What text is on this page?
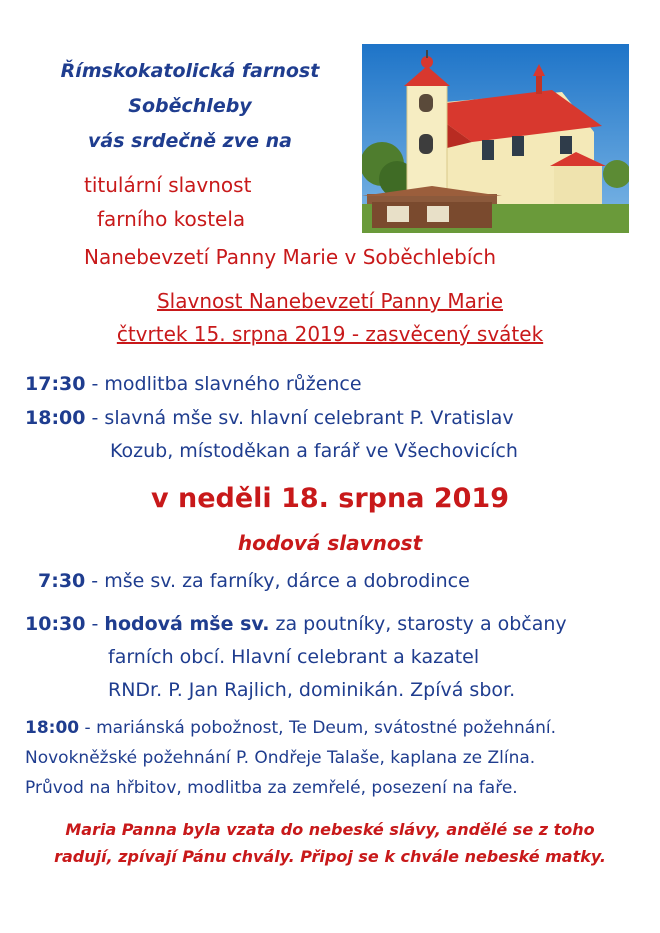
Římskokatolická farnost
Soběchleby
vás srdečně zve na
titulární slavnost
farního kostela
Nanebevzetí Panny Marie v Soběchlebích
Slavnost Nanebevzetí Panny Marie
čtvrtek 15. srpna 2019 - zasvěcený svátek
17:30 - modlitba slavného růžence
18:00 - slavná mše sv. hlavní celebrant P. Vratislav
Kozub, místoděkan a farář ve Všechovicích
v neděli 18. srpna 2019
hodová slavnost
7:30 - mše sv. za farníky, dárce a dobrodince
10:30 - hodová mše sv. za poutníky, starosty a občany
farních obcí. Hlavní celebrant a kazatel
RNDr. P. Jan Rajlich, dominikán. Zpívá sbor.
18:00 - mariánská pobožnost, Te Deum, svátostné požehnání.
Novokněžské požehnání P. Ondřeje Talaše, kaplana ze Zlína.
Průvod na hřbitov, modlitba za zemřelé, posezení na faře.
Maria Panna byla vzata do nebeské slávy, andělé se z toho
radují, zpívají Pánu chvály. Připoj se k chvále nebeské matky.
